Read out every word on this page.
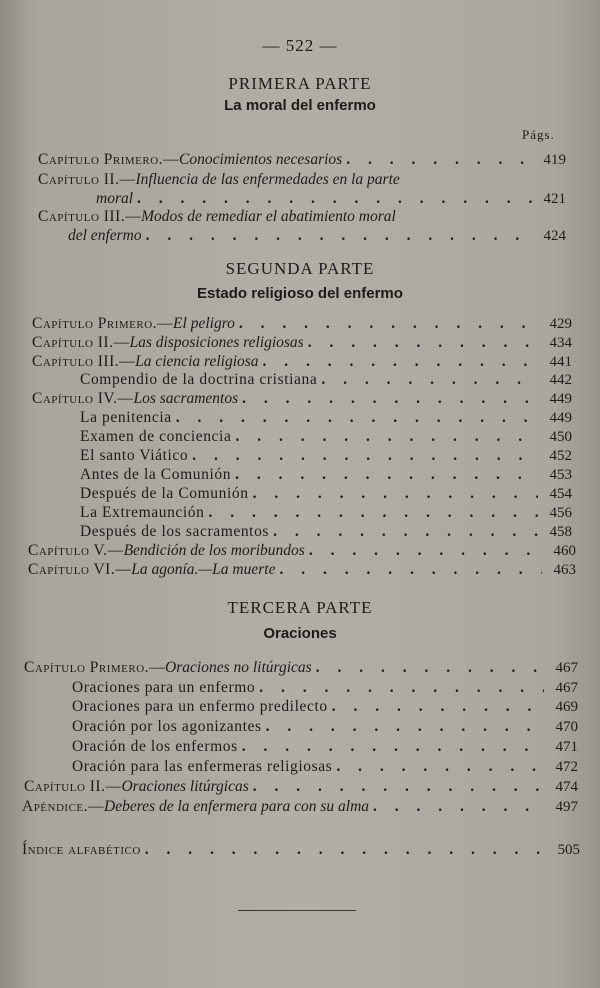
— 522 —
PRIMERA PARTE
La moral del enfermo
Págs.
Capítulo Primero.—Conocimientos necesarios . . .	419
Capítulo II.—Influencia de las enfermedades en la parte
moral . . .	421
Capítulo III.—Modos de remediar el abatimiento moral
del enfermo . . .	424
SEGUNDA PARTE
Estado religioso del enfermo
Capítulo Primero.—El peligro . . .	429
Capítulo II.—Las disposiciones religiosas . . .	434
Capítulo III.—La ciencia religiosa . . .	441
Compendio de la doctrina cristiana . . .	442
Capítulo IV.—Los sacramentos . . .	449
La penitencia . . .	449
Examen de conciencia . . .	450
El santo Viático . . .	452
Antes de la Comunión . . .	453
Después de la Comunión . . .	454
La Extremaunción . . .	456
Después de los sacramentos . . .	458
Capítulo V.—Bendición de los moribundos . . .	460
Capítulo VI.—La agonía.—La muerte . . .	463
TERCERA PARTE
Oraciones
Capítulo Primero.—Oraciones no litúrgicas . . .	467
Oraciones para un enfermo . . .	467
Oraciones para un enfermo predilecto . . .	469
Oración por los agonizantes . . .	470
Oración de los enfermos . . .	471
Oración para las enfermeras religiosas . . .	472
Capítulo II.—Oraciones litúrgicas . . .	474
Apéndice.—Deberes de la enfermera para con su alma . . .	497
Índice alfabético . . .	505
